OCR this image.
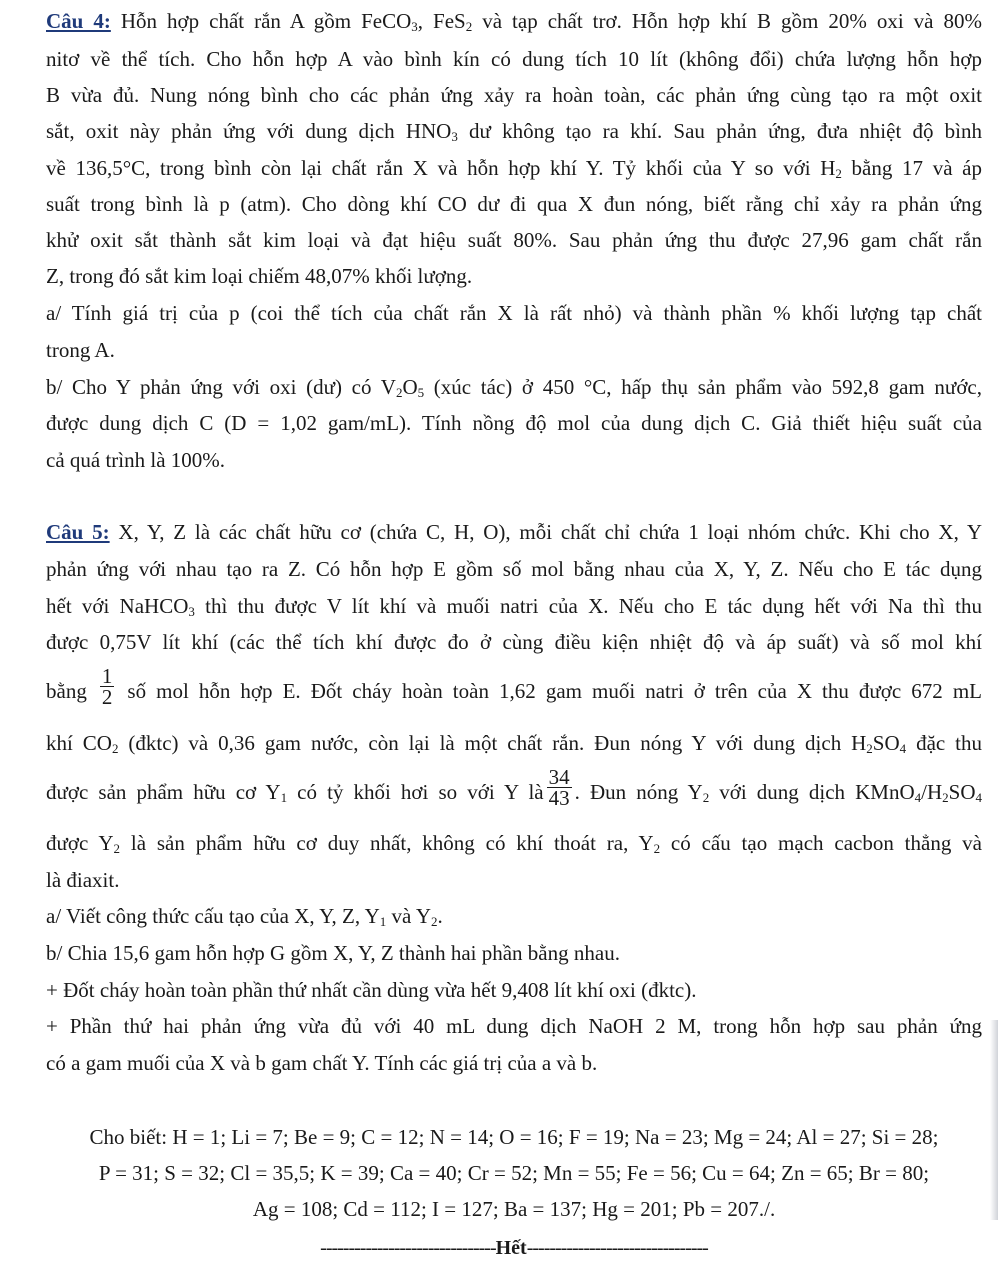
Câu 4: Hỗn hợp chất rắn A gồm FeCO$_3$, FeS$_2$ và tạp chất trơ. Hỗn hợp khí B gồm 20% oxi và 80%
nitơ về thể tích. Cho hỗn hợp A vào bình kín có dung tích 10 lít (không đổi) chứa lượng hỗn hợp
B vừa đủ. Nung nóng bình cho các phản ứng xảy ra hoàn toàn, các phản ứng cùng tạo ra một oxit
sắt, oxit này phản ứng với dung dịch $HNO_3$ dư không tạo ra khí. Sau phản ứng, đưa nhiệt độ bình
về 136,5°C, trong bình còn lại chất rắn X và hỗn hợp khí Y. Tỷ khối của Y so với $H_2$ bằng 17 và áp
suất trong bình là p (atm). Cho dòng khí CO dư đi qua X đun nóng, biết rằng chỉ xảy ra phản ứng
khử oxit sắt thành sắt kim loại và đạt hiệu suất 80%. Sau phản ứng thu được 27,96 gam chất rắn
Z, trong đó sắt kim loại chiếm 48,07% khối lượng.
a/ Tính giá trị của p (coi thể tích của chất rắn X là rất nhỏ) và thành phần % khối lượng tạp chất
trong A.
b/ Cho Y phản ứng với oxi (dư) có $V_2O_5$ (xúc tác) ở 450 °C, hấp thụ sản phẩm vào 592,8 gam nước,
được dung dịch C (D = 1,02 gam/mL). Tính nồng độ mol của dung dịch C. Giả thiết hiệu suất của
cả quá trình là 100%.
Câu 5: X, Y, Z là các chất hữu cơ (chứa C, H, O), mỗi chất chỉ chứa 1 loại nhóm chức. Khi cho X, Y
phản ứng với nhau tạo ra Z. Có hỗn hợp E gồm số mol bằng nhau của X, Y, Z. Nếu cho E tác dụng
hết với NaHCO$_3$ thì thu được V lít khí và muối natri của X. Nếu cho E tác dụng hết với Na thì thu
được 0,75V lít khí (các thể tích khí được đo ở cùng điều kiện nhiệt độ và áp suất) và số mol khí
bằng $\frac{1}{2}$ số mol hỗn hợp E. Đốt cháy hoàn toàn 1,62 gam muối natri ở trên của X thu được 672 mL
khí $CO_2$ (đktc) và 0,36 gam nước, còn lại là một chất rắn. Đun nóng Y với dung dịch $H_2SO_4$ đặc thu
được sản phẩm hữu cơ $Y_1$ có tỷ khối hơi so với Y là $\frac{34}{43}$ . Đun nóng $Y_2$ với dung dịch $KMnO_4/H_2SO_4$
được $Y_2$ là sản phẩm hữu cơ duy nhất, không có khí thoát ra, $Y_2$ có cấu tạo mạch cacbon thẳng và
là điaxit.
a/ Viết công thức cấu tạo của X, Y, Z, $Y_1$ và $Y_2$.
b/ Chia 15,6 gam hỗn hợp G gồm X, Y, Z thành hai phần bằng nhau.
+ Đốt cháy hoàn toàn phần thứ nhất cần dùng vừa hết 9,408 lít khí oxi (đktc).
+ Phần thứ hai phản ứng vừa đủ với 40 mL dung dịch NaOH 2 M, trong hỗn hợp sau phản ứng
có a gam muối của X và b gam chất Y. Tính các giá trị của a và b.
Cho biết: H = 1; Li = 7; Be = 9; C = 12; N = 14; O = 16; F = 19; Na = 23; Mg = 24; Al = 27; Si = 28;
P = 31; S = 32; Cl = 35,5; K = 39; Ca = 40; Cr = 52; Mn = 55; Fe = 56; Cu = 64; Zn = 65; Br = 80;
Ag = 108; Cd = 112; I = 127; Ba = 137; Hg = 201; Pb = 207./.
-------------------------------Hết--------------------------------
